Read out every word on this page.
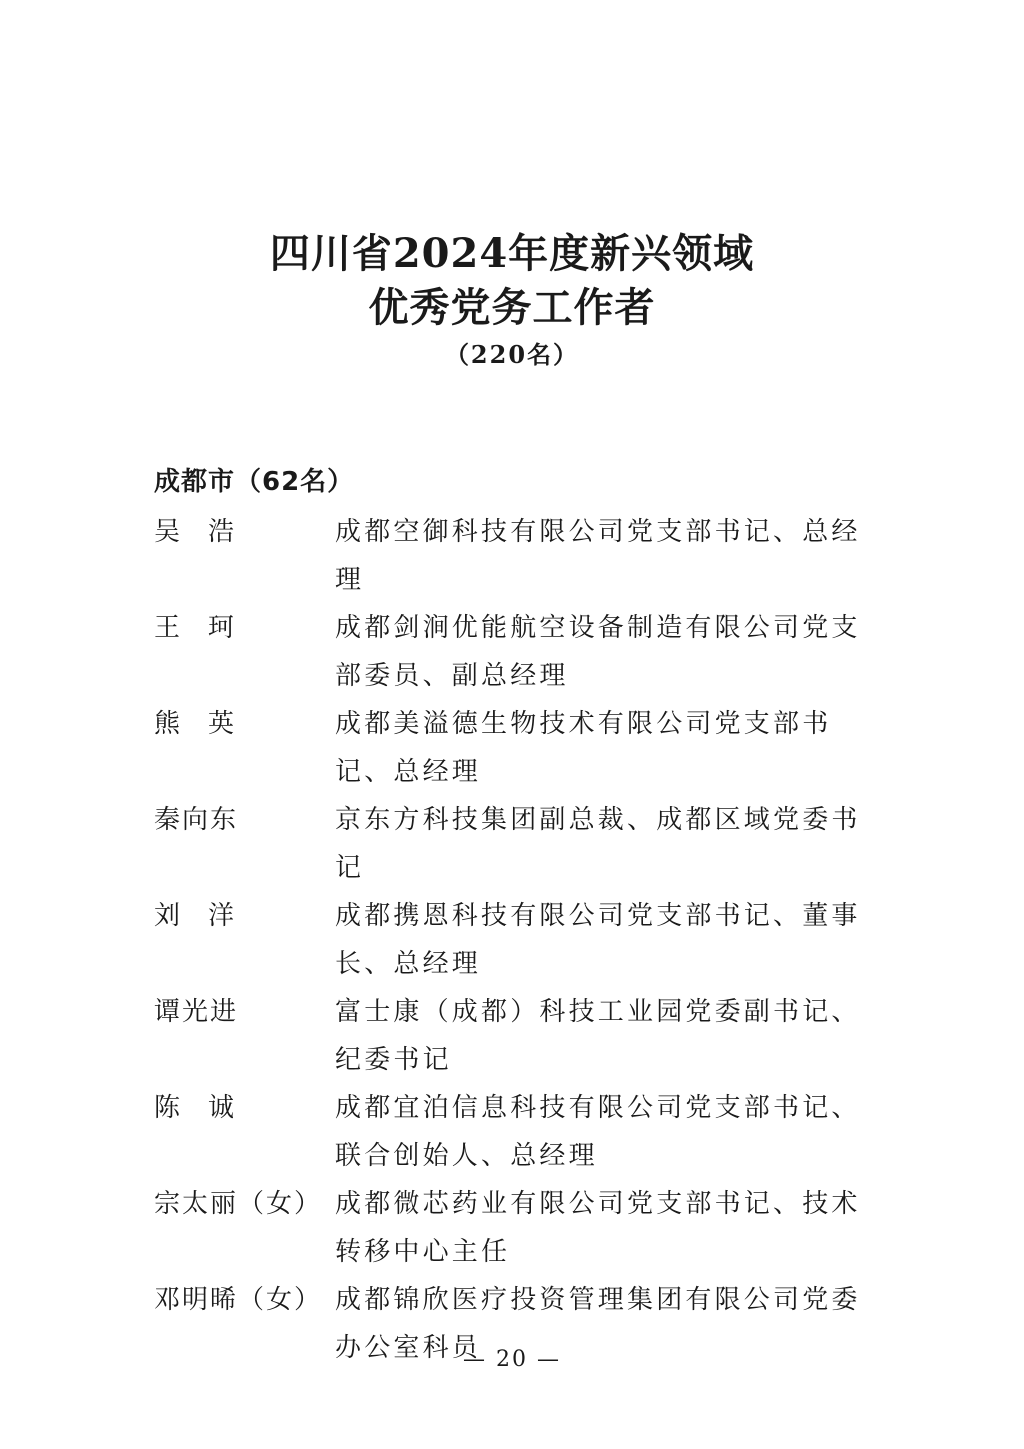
四川省2024年度新兴领域
优秀党务工作者
（220名）
成都市（62名）
吴浩	成都空御科技有限公司党支部书记、总经理
王珂	成都剑涧优能航空设备制造有限公司党支部委员、副总经理
熊英	成都美溢德生物技术有限公司党支部书记、总经理
秦向东	京东方科技集团副总裁、成都区域党委书记
刘洋	成都携恩科技有限公司党支部书记、董事长、总经理
谭光进	富士康（成都）科技工业园党委副书记、纪委书记
陈诚	成都宜泊信息科技有限公司党支部书记、联合创始人、总经理
宗太丽（女） 成都微芯药业有限公司党支部书记、技术转移中心主任
邓明晞（女） 成都锦欣医疗投资管理集团有限公司党委办公室科员
— 20 —
